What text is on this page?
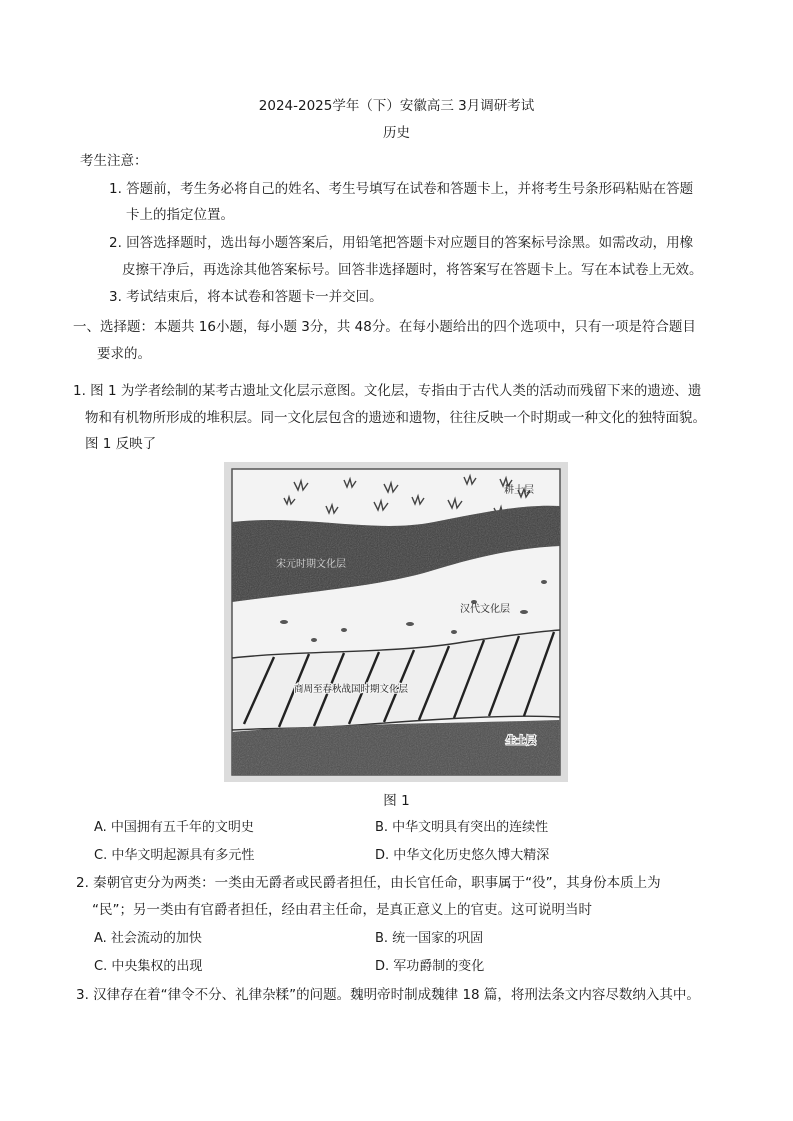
2024-2025学年（下）安徽高三 3月调研考试
历史
考生注意：
1. 答题前，考生务必将自己的姓名、考生号填写在试卷和答题卡上，并将考生号条形码粘贴在答题
卡上的指定位置。
2. 回答选择题时，选出每小题答案后，用铅笔把答题卡对应题目的答案标号涂黑。如需改动，用橡
皮擦干净后，再选涂其他答案标号。回答非选择题时，将答案写在答题卡上。写在本试卷上无效。
3. 考试结束后，将本试卷和答题卡一并交回。
一、选择题：本题共 16小题，每小题 3分，共 48分。在每小题给出的四个选项中，只有一项是符合题目
要求的。
1. 图 1 为学者绘制的某考古遗址文化层示意图。文化层，专指由于古代人类的活动而残留下来的遗迹、遗
物和有机物所形成的堆积层。同一文化层包含的遗迹和遗物，往往反映一个时期或一种文化的独特面貌。
图 1 反映了
耕土层
宋元时期文化层
汉代文化层
商周至春秋战国时期文化层
生土层
图 1
A. 中国拥有五千年的文明史	B. 中华文明具有突出的连续性
C. 中华文明起源具有多元性	D. 中华文化历史悠久博大精深
2. 秦朝官吏分为两类：一类由无爵者或民爵者担任，由长官任命，职事属于“役”，其身份本质上为
“民”；另一类由有官爵者担任，经由君主任命，是真正意义上的官吏。这可说明当时
A. 社会流动的加快	B. 统一国家的巩固
C. 中央集权的出现	D. 军功爵制的变化
3. 汉律存在着“律令不分、礼律杂糅”的问题。魏明帝时制成魏律 18 篇，将刑法条文内容尽数纳入其中。
